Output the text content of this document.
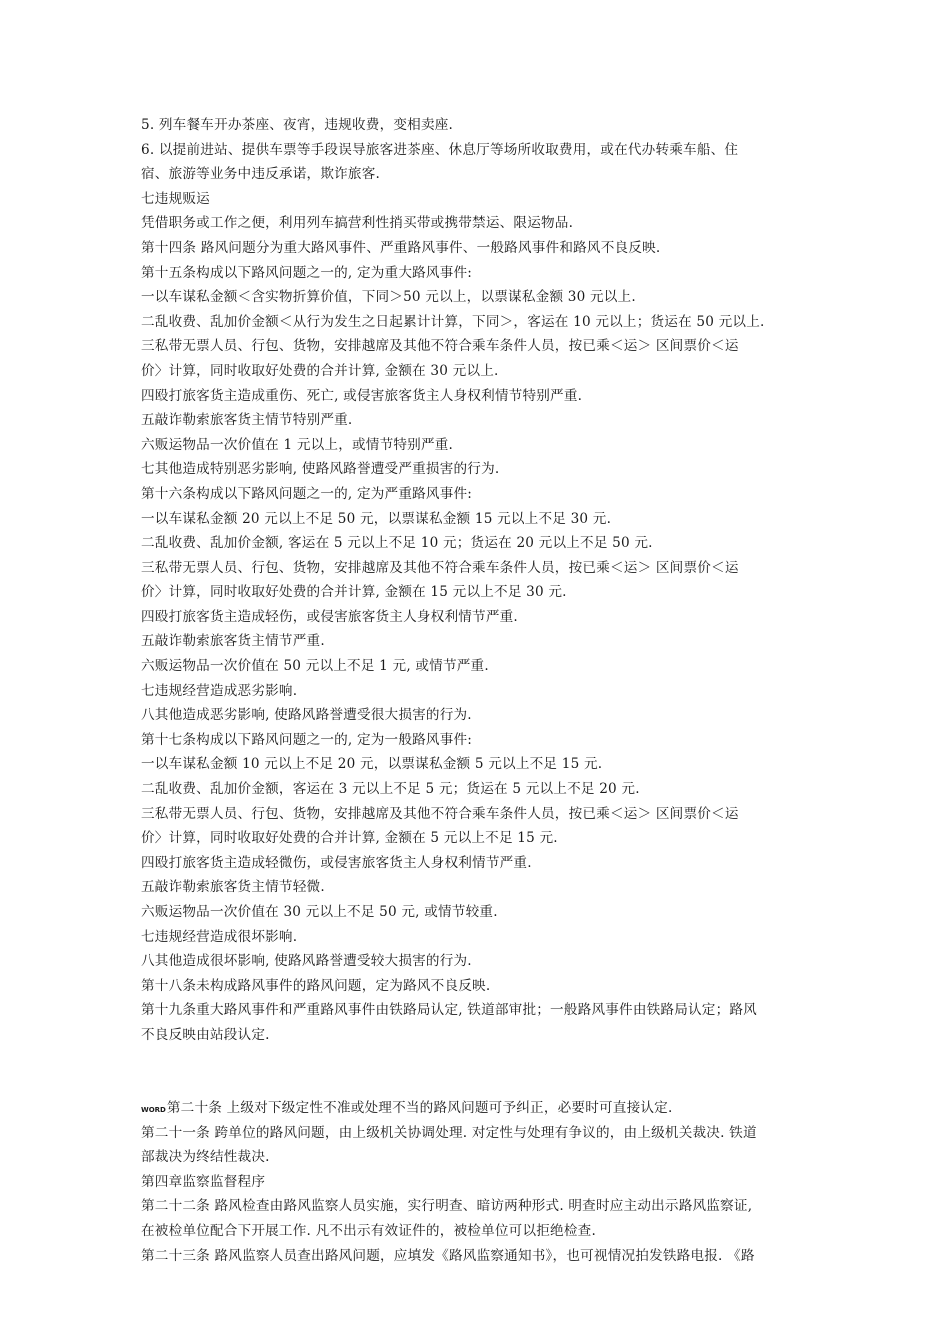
5. 列车餐车开办茶座、夜宵，违规收费，变相卖座.
6. 以提前进站、提供车票等手段误导旅客进茶座、休息厅等场所收取费用，或在代办转乘车船、住
宿、旅游等业务中违反承诺，欺诈旅客.
七违规贩运
凭借职务或工作之便，利用列车搞营利性捎买带或携带禁运、限运物品.
第十四条 路风问题分为重大路风事件、严重路风事件、一般路风事件和路风不良反映.
第十五条构成以下路风问题之一的, 定为重大路风事件:
一以车谋私金额＜含实物折算价值，下同＞50 元以上，以票谋私金额 30 元以上.
二乱收费、乱加价金额＜从行为发生之日起累计计算，下同＞，客运在 10 元以上；货运在 50 元以上.
三私带无票人员、行包、货物，安排越席及其他不符合乘车条件人员，按已乘＜运＞ 区间票价＜运
价〉计算，同时收取好处费的合并计算, 金额在 30 元以上.
四殴打旅客货主造成重伤、死亡, 或侵害旅客货主人身权利情节特别严重.
五敲诈勒索旅客货主情节特别严重.
六贩运物品一次价值在 1 元以上，或情节特别严重.
七其他造成特别恶劣影响, 使路风路誉遭受严重损害的行为.
第十六条构成以下路风问题之一的, 定为严重路风事件:
一以车谋私金额 20 元以上不足 50 元，以票谋私金额 15 元以上不足 30 元.
二乱收费、乱加价金额, 客运在 5 元以上不足 10 元；货运在 20 元以上不足 50 元.
三私带无票人员、行包、货物，安排越席及其他不符合乘车条件人员，按已乘＜运＞ 区间票价＜运
价〉计算，同时收取好处费的合并计算, 金额在 15 元以上不足 30 元.
四殴打旅客货主造成轻伤，或侵害旅客货主人身权利情节严重.
五敲诈勒索旅客货主情节严重.
六贩运物品一次价值在 50 元以上不足 1 元, 或情节严重.
七违规经营造成恶劣影响.
八其他造成恶劣影响, 使路风路誉遭受很大损害的行为.
第十七条构成以下路风问题之一的, 定为一般路风事件:
一以车谋私金额 10 元以上不足 20 元，以票谋私金额 5 元以上不足 15 元.
二乱收费、乱加价金额，客运在 3 元以上不足 5 元；货运在 5 元以上不足 20 元.
三私带无票人员、行包、货物，安排越席及其他不符合乘车条件人员，按已乘＜运＞ 区间票价＜运
价〉计算，同时收取好处费的合并计算, 金额在 5 元以上不足 15 元.
四殴打旅客货主造成轻微伤，或侵害旅客货主人身权利情节严重.
五敲诈勒索旅客货主情节轻微.
六贩运物品一次价值在 30 元以上不足 50 元, 或情节较重.
七违规经营造成很坏影响.
八其他造成很坏影响, 使路风路誉遭受较大损害的行为.
第十八条未构成路风事件的路风问题，定为路风不良反映.
第十九条重大路风事件和严重路风事件由铁路局认定, 铁道部审批；一般路风事件由铁路局认定；路风
不良反映由站段认定.
WORD第二十条 上级对下级定性不准或处理不当的路风问题可予纠正，必要时可直接认定.
第二十一条 跨单位的路风问题，由上级机关协调处理. 对定性与处理有争议的，由上级机关裁决. 铁道
部裁决为终结性裁决.
第四章监察监督程序
第二十二条 路风检查由路风监察人员实施，实行明查、暗访两种形式. 明查时应主动出示路风监察证,
在被检单位配合下开展工作. 凡不出示有效证件的，被检单位可以拒绝检查.
第二十三条 路风监察人员查出路风问题，应填发《路风监察通知书》，也可视情况拍发铁路电报. 《路
